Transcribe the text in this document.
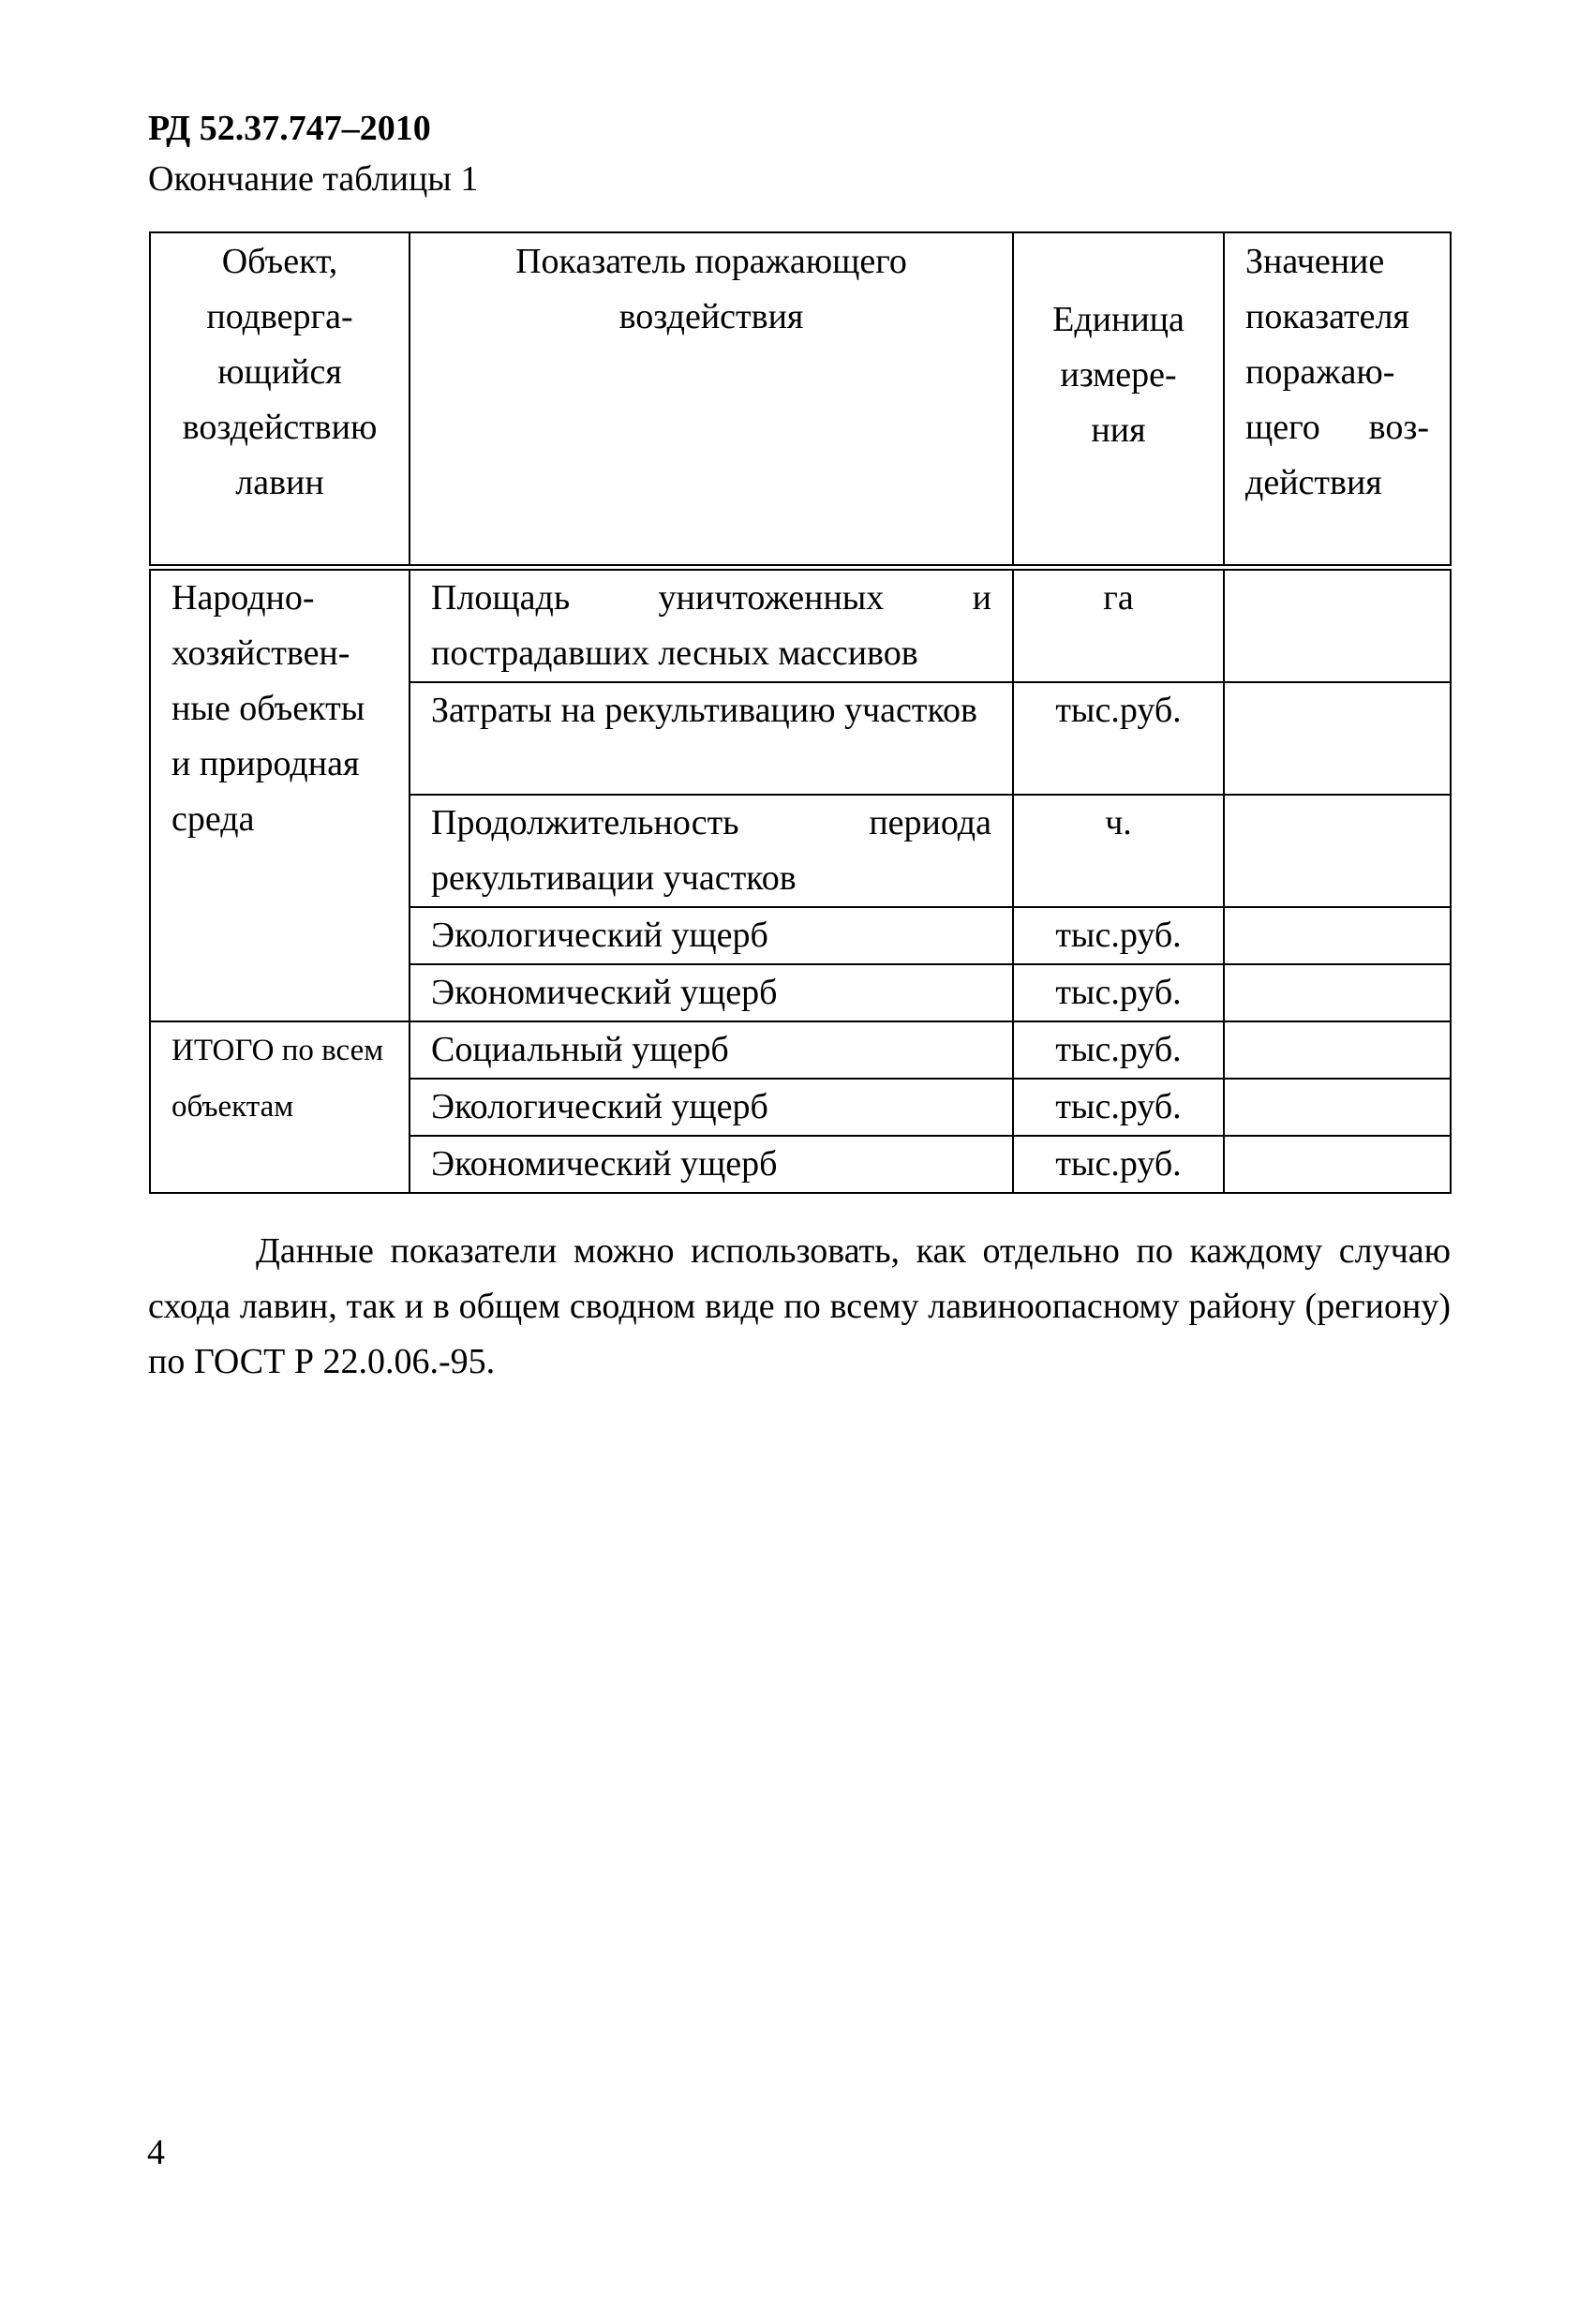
РД 52.37.747–2010
Окончание таблицы 1
Объект, подверга-ющийся воздействию лавин	Показатель поражающего воздействия	Единица измере-ния	Значение показателя поражаю-щего воз-действия
Народно-хозяйствен-ные объекты и природная среда	Площадь уничтоженных и пострадавших лесных массивов	га	
	Затраты на рекультивацию участков	тыс.руб.	
	Продолжительность периода рекультивации участков	ч.	
	Экологический ущерб	тыс.руб.	
	Экономический ущерб	тыс.руб.	
ИТОГО по всем объектам	Социальный ущерб	тыс.руб.	
	Экологический ущерб	тыс.руб.	
	Экономический ущерб	тыс.руб.	

Данные показатели можно использовать, как отдельно по каждому случаю схода лавин, так и в общем сводном виде по всему лавиноопасному району (региону) по ГОСТ Р 22.0.06.-95.

4
